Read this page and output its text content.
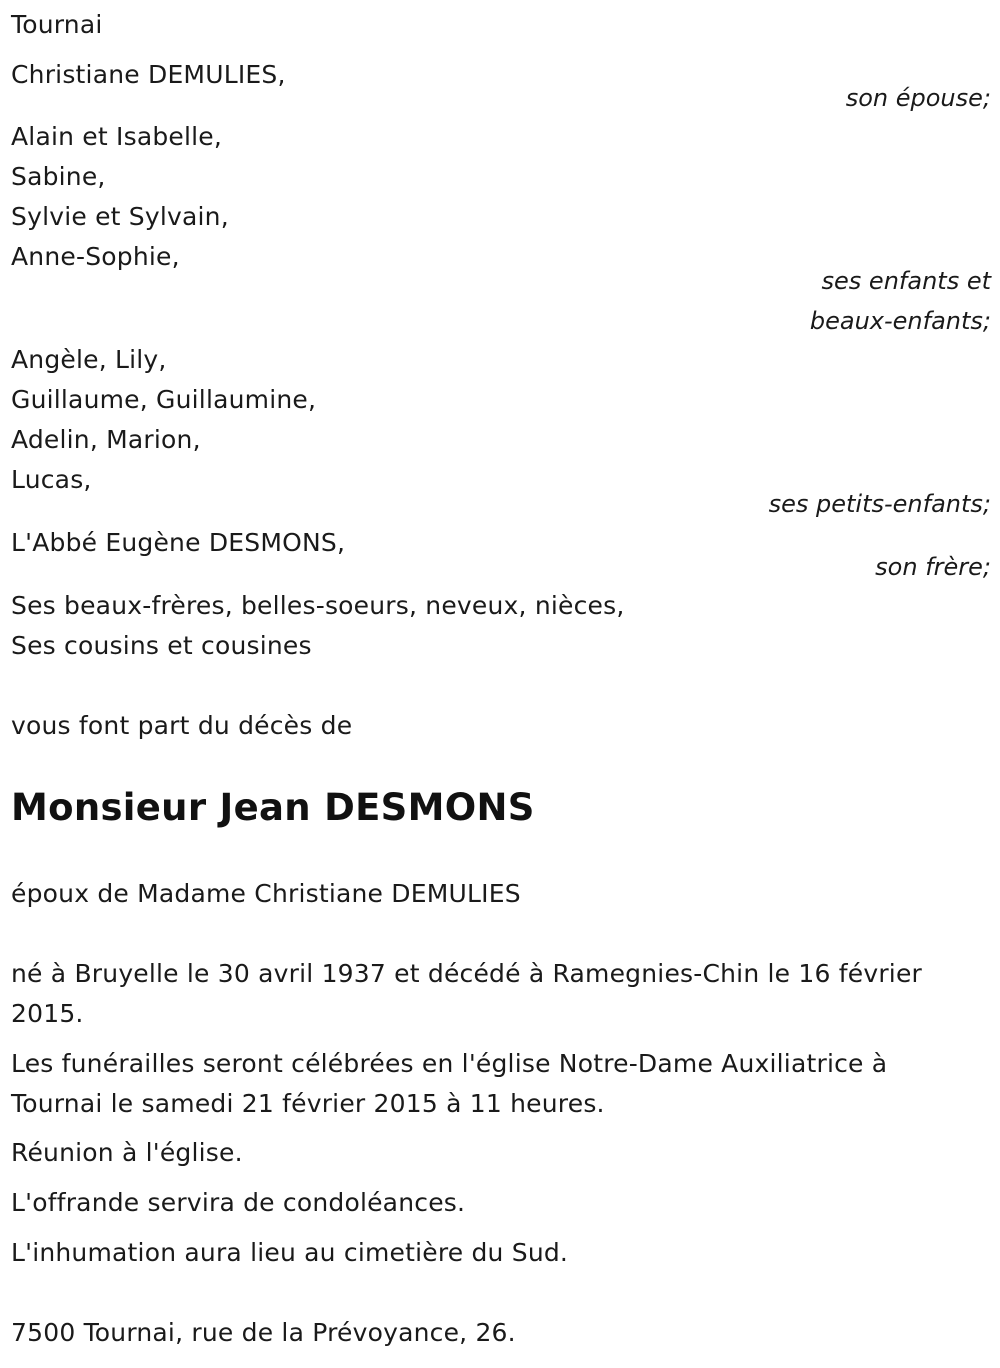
Tournai
Christiane DEMULIES,
son épouse;
Alain et Isabelle,
Sabine,
Sylvie et Sylvain,
Anne-Sophie,
ses enfants et
beaux-enfants;
Angèle, Lily,
Guillaume, Guillaumine,
Adelin, Marion,
Lucas,
ses petits-enfants;
L'Abbé Eugène DESMONS,
son frère;
Ses beaux-frères, belles-soeurs, neveux, nièces,
Ses cousins et cousines
vous font part du décès de
Monsieur Jean DESMONS
époux de Madame Christiane DEMULIES
né à Bruyelle le 30 avril 1937 et décédé à Ramegnies-Chin le 16 février 2015.
Les funérailles seront célébrées en l'église Notre-Dame Auxiliatrice à Tournai le samedi 21 février 2015 à 11 heures.
Réunion à l'église.
L'offrande servira de condoléances.
L'inhumation aura lieu au cimetière du Sud.
7500 Tournai, rue de la Prévoyance, 26.
